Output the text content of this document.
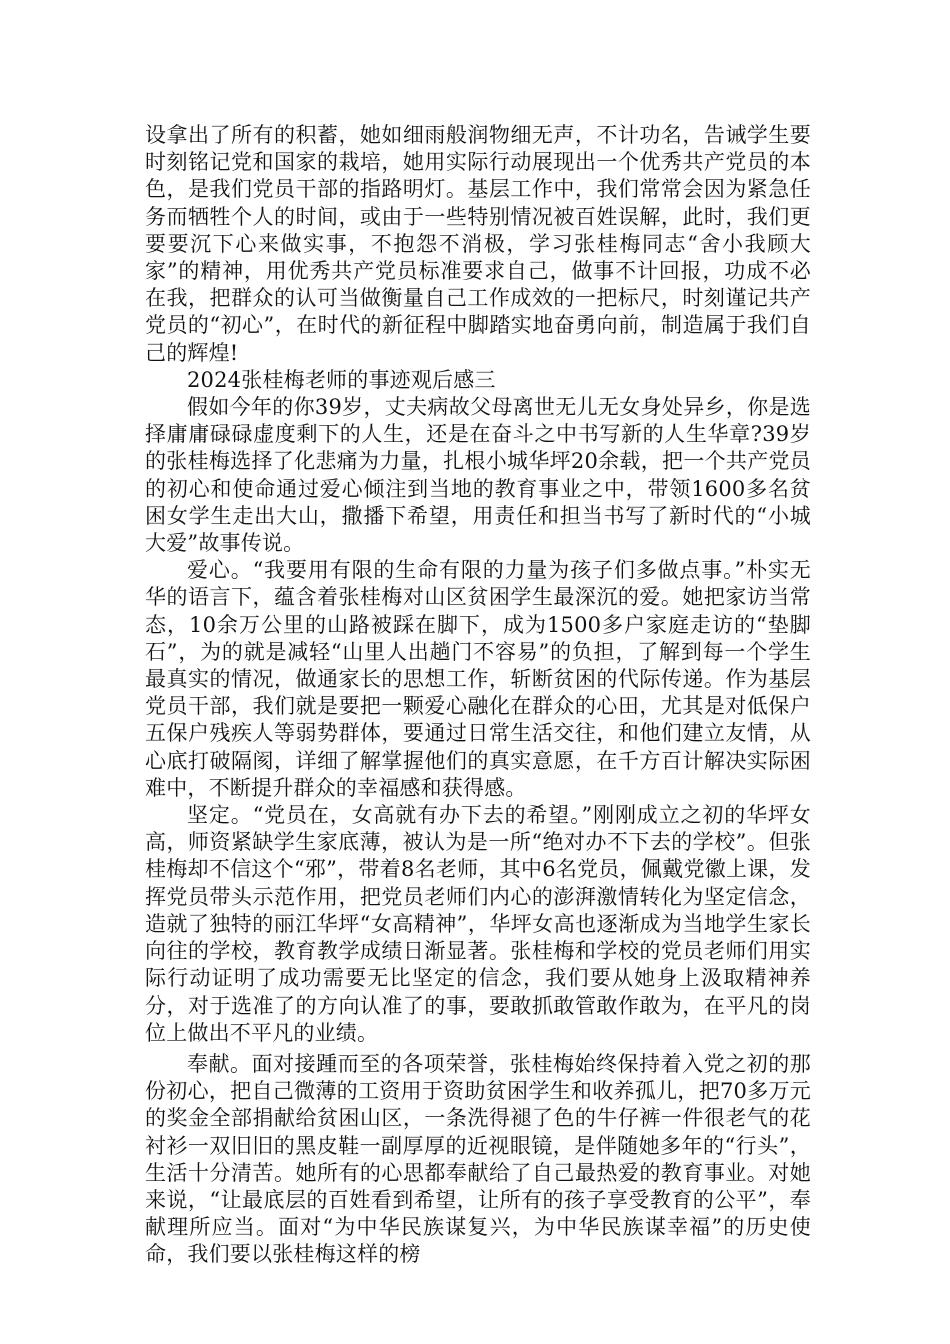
设拿出了所有的积蓄，她如细雨般润物细无声，不计功名，告诫学生要时刻铭记党和国家的栽培，她用实际行动展现出一个优秀共产党员的本色，是我们党员干部的指路明灯。基层工作中，我们常常会因为紧急任务而牺牲个人的时间，或由于一些特别情况被百姓误解，此时，我们更要要沉下心来做实事，不抱怨不消极，学习张桂梅同志“舍小我顾大家”的精神，用优秀共产党员标准要求自己，做事不计回报，功成不必在我，把群众的认可当做衡量自己工作成效的一把标尺，时刻谨记共产党员的“初心”，在时代的新征程中脚踏实地奋勇向前，制造属于我们自己的辉煌!

2024张桂梅老师的事迹观后感三

假如今年的你39岁，丈夫病故父母离世无儿无女身处异乡，你是选择庸庸碌碌虚度剩下的人生，还是在奋斗之中书写新的人生华章?39岁的张桂梅选择了化悲痛为力量，扎根小城华坪20余载，把一个共产党员的初心和使命通过爱心倾注到当地的教育事业之中，带领1600多名贫困女学生走出大山，撒播下希望，用责任和担当书写了新时代的“小城大爱”故事传说。

爱心。“我要用有限的生命有限的力量为孩子们多做点事。”朴实无华的语言下，蕴含着张桂梅对山区贫困学生最深沉的爱。她把家访当常态，10余万公里的山路被踩在脚下，成为1500多户家庭走访的“垫脚石”，为的就是减轻“山里人出趟门不容易”的负担，了解到每一个学生最真实的情况，做通家长的思想工作，斩断贫困的代际传递。作为基层党员干部，我们就是要把一颗爱心融化在群众的心田，尤其是对低保户五保户残疾人等弱势群体，要通过日常生活交往，和他们建立友情，从心底打破隔阂，详细了解掌握他们的真实意愿，在千方百计解决实际困难中，不断提升群众的幸福感和获得感。

坚定。“党员在，女高就有办下去的希望。”刚刚成立之初的华坪女高，师资紧缺学生家底薄，被认为是一所“绝对办不下去的学校”。但张桂梅却不信这个“邪”，带着8名老师，其中6名党员，佩戴党徽上课，发挥党员带头示范作用，把党员老师们内心的澎湃激情转化为坚定信念，造就了独特的丽江华坪“女高精神”，华坪女高也逐渐成为当地学生家长向往的学校，教育教学成绩日渐显著。张桂梅和学校的党员老师们用实际行动证明了成功需要无比坚定的信念，我们要从她身上汲取精神养分，对于选准了的方向认准了的事，要敢抓敢管敢作敢为，在平凡的岗位上做出不平凡的业绩。

奉献。面对接踵而至的各项荣誉，张桂梅始终保持着入党之初的那份初心，把自己微薄的工资用于资助贫困学生和收养孤儿，把70多万元的奖金全部捐献给贫困山区，一条洗得褪了色的牛仔裤一件很老气的花衬衫一双旧旧的黑皮鞋一副厚厚的近视眼镜，是伴随她多年的“行头”，生活十分清苦。她所有的心思都奉献给了自己最热爱的教育事业。对她来说，“让最底层的百姓看到希望，让所有的孩子享受教育的公平”，奉献理所应当。面对“为中华民族谋复兴，为中华民族谋幸福”的历史使命，我们要以张桂梅这样的榜
